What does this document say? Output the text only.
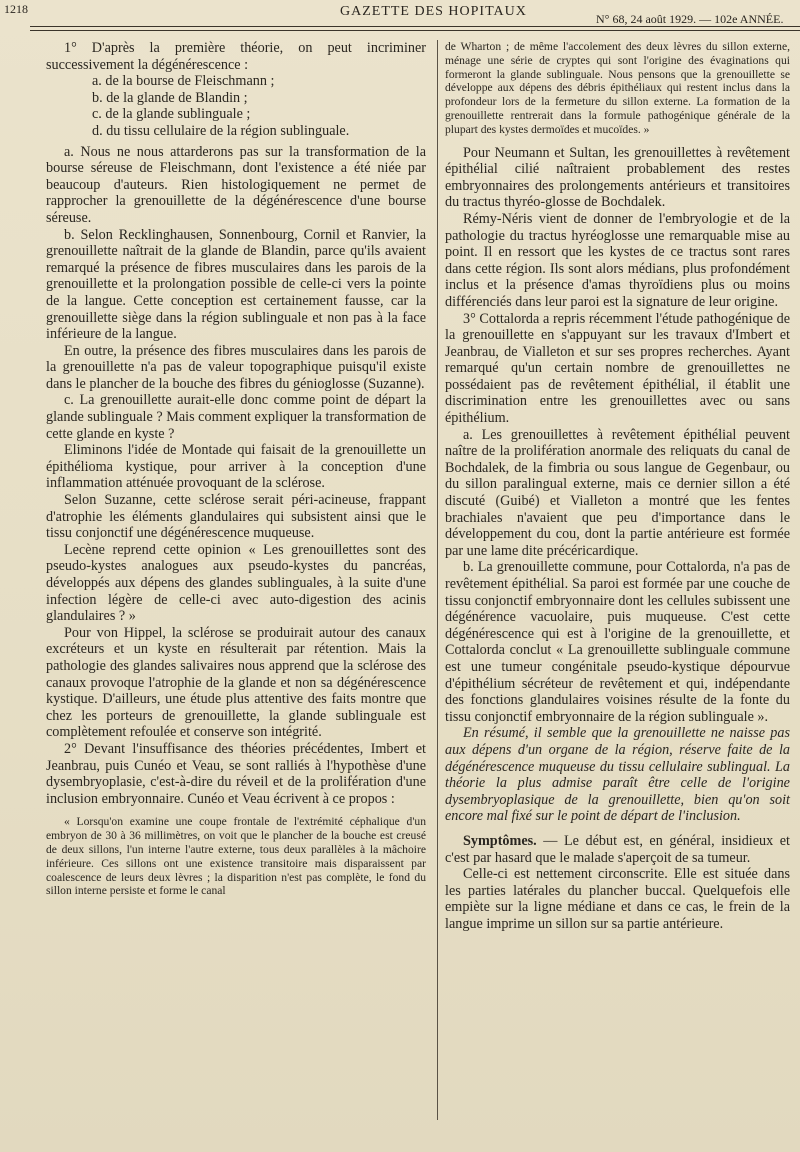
1218	GAZETTE DES HOPITAUX	N° 68, 24 août 1929. — 102e ANNÉE.

1° D'après la première théorie, on peut incriminer successivement la dégénérescence :

a. de la bourse de Fleischmann ;

b. de la glande de Blandin ;

c. de la glande sublinguale ;

d. du tissu cellulaire de la région sublinguale.

a. Nous ne nous attarderons pas sur la transformation de la bourse séreuse de Fleischmann, dont l'existence a été niée par beaucoup d'auteurs. Rien histologiquement ne permet de rapprocher la grenouillette de la dégénérescence d'une bourse séreuse.

b. Selon Recklinghausen, Sonnenbourg, Cornil et Ranvier, la grenouillette naîtrait de la glande de Blandin, parce qu'ils avaient remarqué la présence de fibres musculaires dans les parois de la grenouillette et la prolongation possible de celle-ci vers la pointe de la langue. Cette conception est certainement fausse, car la grenouillette siège dans la région sublinguale et non pas à la face inférieure de la langue.

En outre, la présence des fibres musculaires dans les parois de la grenouillette n'a pas de valeur topographique puisqu'il existe dans le plancher de la bouche des fibres du génioglosse (Suzanne).

c. La grenouillette aurait-elle donc comme point de départ la glande sublinguale ? Mais comment expliquer la transformation de cette glande en kyste ?

Eliminons l'idée de Montade qui faisait de la grenouillette un épithélioma kystique, pour arriver à la conception d'une inflammation atténuée provoquant de la sclérose.

Selon Suzanne, cette sclérose serait péri-acineuse, frappant d'atrophie les éléments glandulaires qui subsistent ainsi que le tissu conjonctif une dégénérescence muqueuse.

Lecène reprend cette opinion « Les grenouillettes sont des pseudo-kystes analogues aux pseudo-kystes du pancréas, développés aux dépens des glandes sublinguales, à la suite d'une infection légère de celle-ci avec auto-digestion des acinis glandulaires ? »

Pour von Hippel, la sclérose se produirait autour des canaux excréteurs et un kyste en résulterait par rétention. Mais la pathologie des glandes salivaires nous apprend que la sclérose des canaux provoque l'atrophie de la glande et non sa dégénérescence kystique. D'ailleurs, une étude plus attentive des faits montre que chez les porteurs de grenouillette, la glande sublinguale est complètement refoulée et conserve son intégrité.

2° Devant l'insuffisance des théories précédentes, Imbert et Jeanbrau, puis Cunéo et Veau, se sont ralliés à l'hypothèse d'une dysembryoplasie, c'est-à-dire du réveil et de la prolifération d'une inclusion embryonnaire. Cunéo et Veau écrivent à ce propos :

« Lorsqu'on examine une coupe frontale de l'extrémité céphalique d'un embryon de 30 à 36 millimètres, on voit que le plancher de la bouche est creusé de deux sillons, l'un interne l'autre externe, tous deux parallèles à la mâchoire inférieure. Ces sillons ont une existence transitoire mais disparaissent par coalescence de leurs deux lèvres ; la disparition n'est pas complète, le fond du sillon interne persiste et forme le canal

de Wharton ; de même l'accolement des deux lèvres du sillon externe, ménage une série de cryptes qui sont l'origine des évaginations qui formeront la glande sublinguale. Nous pensons que la grenouillette se développe aux dépens des débris épithéliaux qui restent inclus dans la profondeur lors de la fermeture du sillon externe. La formation de la grenouillette rentrerait dans la formule pathogénique générale de la plupart des kystes dermoïdes et mucoïdes. »

Pour Neumann et Sultan, les grenouillettes à revêtement épithélial cilié naîtraient probablement des restes embryonnaires des prolongements antérieurs et transitoires du tractus thyréo-glosse de Bochdalek.

Rémy-Néris vient de donner de l'embryologie et de la pathologie du tractus hyréoglosse une remarquable mise au point. Il en ressort que les kystes de ce tractus sont rares dans cette région. Ils sont alors médians, plus profondément inclus et la présence d'amas thyroïdiens plus ou moins différenciés dans leur paroi est la signature de leur origine.

3° Cottalorda a repris récemment l'étude pathogénique de la grenouillette en s'appuyant sur les travaux d'Imbert et Jeanbrau, de Vialleton et sur ses propres recherches. Ayant remarqué qu'un certain nombre de grenouillettes ne possédaient pas de revêtement épithélial, il établit une discrimination entre les grenouillettes avec ou sans épithélium.

a. Les grenouillettes à revêtement épithélial peuvent naître de la prolifération anormale des reliquats du canal de Bochdalek, de la fimbria ou sous langue de Gegenbaur, ou du sillon paralingual externe, mais ce dernier sillon a été discuté (Guibé) et Vialleton a montré que les fentes brachiales n'avaient que peu d'importance dans le développement du cou, dont la partie antérieure est formée par une lame dite précéricardique.

b. La grenouillette commune, pour Cottalorda, n'a pas de revêtement épithélial. Sa paroi est formée par une couche de tissu conjonctif embryonnaire dont les cellules subissent une dégénérence vacuolaire, puis muqueuse. C'est cette dégénérescence qui est à l'origine de la grenouillette, et Cottalorda conclut « La grenouillette sublinguale commune est une tumeur congénitale pseudo-kystique dépourvue d'épithélium sécréteur de revêtement et qui, indépendante des fonctions glandulaires voisines résulte de la fonte du tissu conjonctif embryonnaire de la région sublinguale ».

En résumé, il semble que la grenouillette ne naisse pas aux dépens d'un organe de la région, réserve faite de la dégénérescence muqueuse du tissu cellulaire sublingual. La théorie la plus admise paraît être celle de l'origine dysembryoplasique de la grenouillette, bien qu'on soit encore mal fixé sur le point de départ de l'inclusion.

Symptômes. — Le début est, en général, insidieux et c'est par hasard que le malade s'aperçoit de sa tumeur.

Celle-ci est nettement circonscrite. Elle est située dans les parties latérales du plancher buccal. Quelquefois elle empiète sur la ligne médiane et dans ce cas, le frein de la langue imprime un sillon sur sa partie antérieure.
